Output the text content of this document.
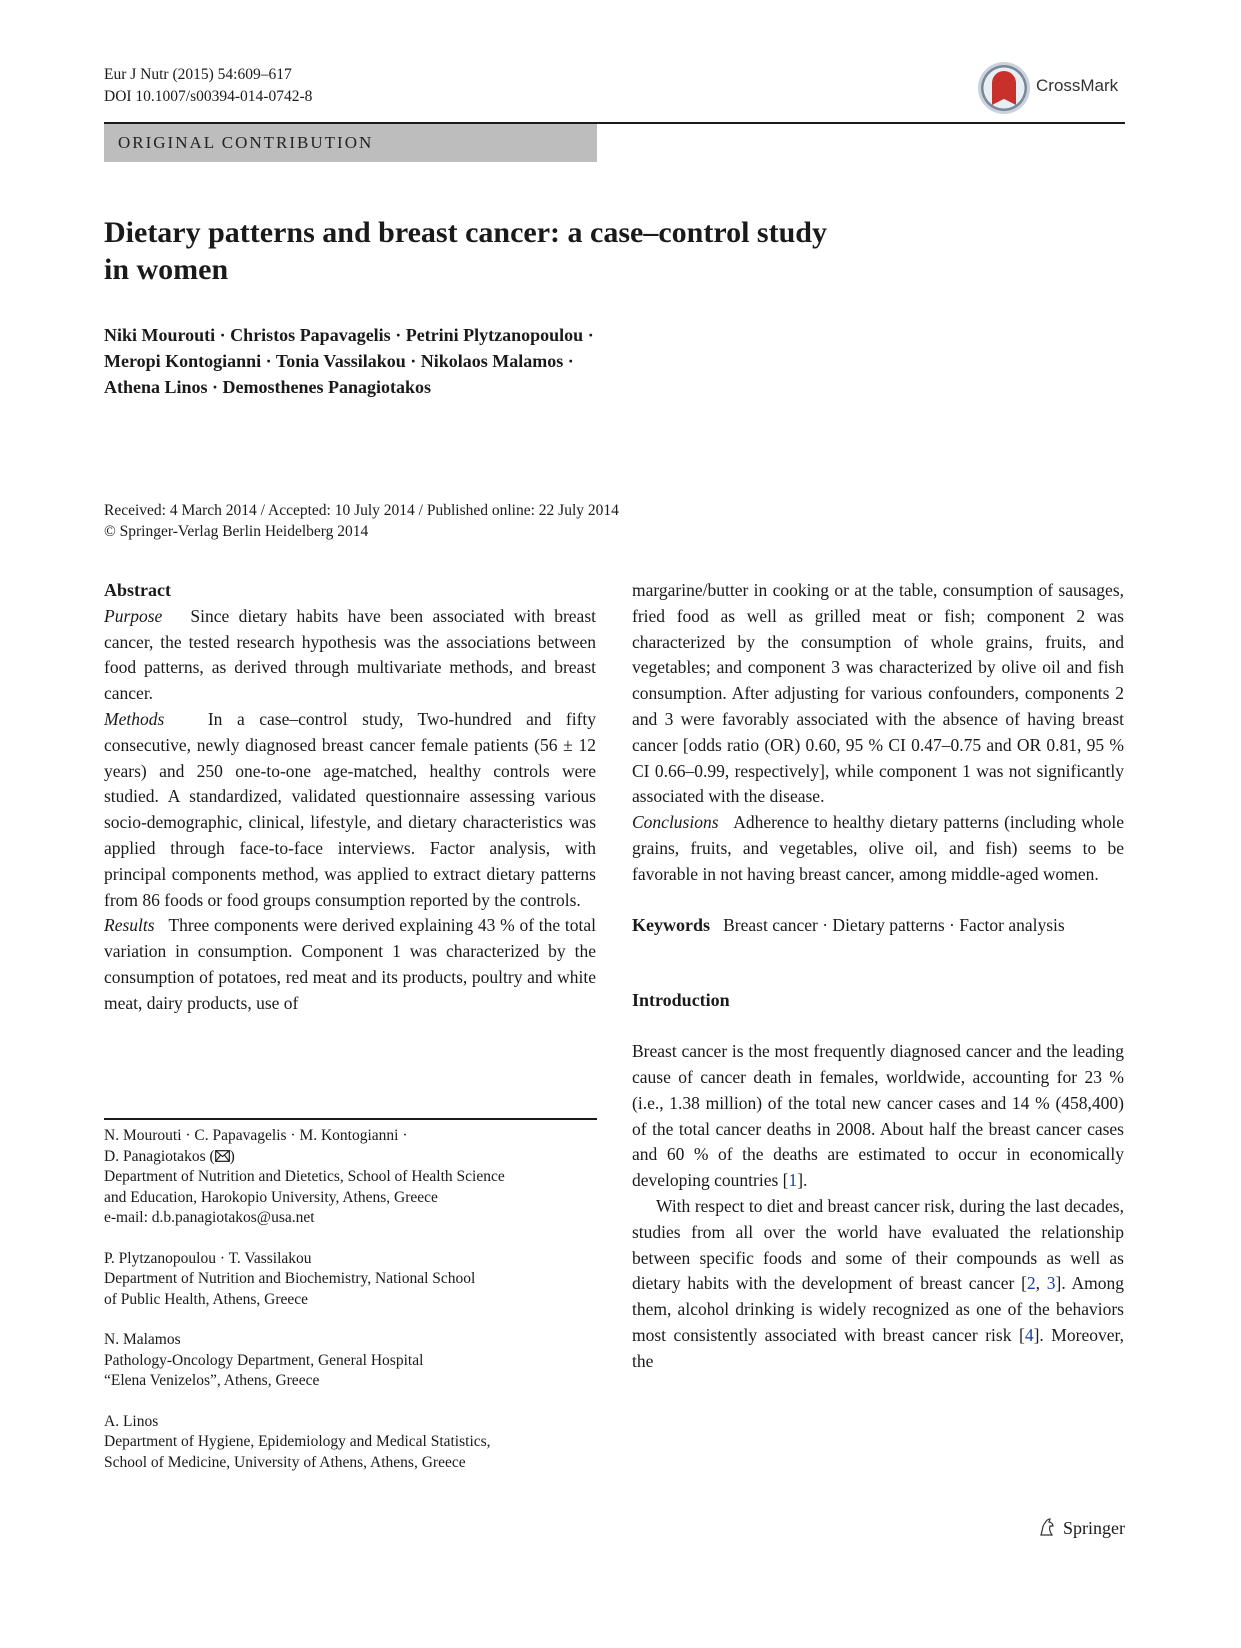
Eur J Nutr (2015) 54:609–617
DOI 10.1007/s00394-014-0742-8
CrossMark
ORIGINAL CONTRIBUTION
Dietary patterns and breast cancer: a case–control study
in women
Niki Mourouti · Christos Papavagelis · Petrini Plytzanopoulou ·
Meropi Kontogianni · Tonia Vassilakou · Nikolaos Malamos ·
Athena Linos · Demosthenes Panagiotakos
Received: 4 March 2014 / Accepted: 10 July 2014 / Published online: 22 July 2014
© Springer-Verlag Berlin Heidelberg 2014
Abstract

Purpose Since dietary habits have been associated with breast cancer, the tested research hypothesis was the associations between food patterns, as derived through multivariate methods, and breast cancer.

Methods In a case–control study, Two-hundred and fifty consecutive, newly diagnosed breast cancer female patients (56 ± 12 years) and 250 one-to-one age-matched, healthy controls were studied. A standardized, validated questionnaire assessing various socio-demographic, clinical, lifestyle, and dietary characteristics was applied through face-to-face interviews. Factor analysis, with principal components method, was applied to extract dietary patterns from 86 foods or food groups consumption reported by the controls.

Results Three components were derived explaining 43 % of the total variation in consumption. Component 1 was characterized by the consumption of potatoes, red meat and its products, poultry and white meat, dairy products, use of

N. Mourouti · C. Papavagelis · M. Kontogianni ·
D. Panagiotakos ( )
Department of Nutrition and Dietetics, School of Health Science
and Education, Harokopio University, Athens, Greece
e-mail: d.b.panagiotakos@usa.net
P. Plytzanopoulou · T. Vassilakou
Department of Nutrition and Biochemistry, National School
of Public Health, Athens, Greece
N. Malamos
Pathology-Oncology Department, General Hospital
“Elena Venizelos”, Athens, Greece
A. Linos
Department of Hygiene, Epidemiology and Medical Statistics,
School of Medicine, University of Athens, Athens, Greece

margarine/butter in cooking or at the table, consumption of sausages, fried food as well as grilled meat or fish; component 2 was characterized by the consumption of whole grains, fruits, and vegetables; and component 3 was characterized by olive oil and fish consumption. After adjusting for various confounders, components 2 and 3 were favorably associated with the absence of having breast cancer [odds ratio (OR) 0.60, 95 % CI 0.47–0.75 and OR 0.81, 95 % CI 0.66–0.99, respectively], while component 1 was not significantly associated with the disease.

Conclusions Adherence to healthy dietary patterns (including whole grains, fruits, and vegetables, olive oil, and fish) seems to be favorable in not having breast cancer, among middle-aged women.

Keywords Breast cancer · Dietary patterns · Factor analysis

Introduction

Breast cancer is the most frequently diagnosed cancer and the leading cause of cancer death in females, worldwide, accounting for 23 % (i.e., 1.38 million) of the total new cancer cases and 14 % (458,400) of the total cancer deaths in 2008. About half the breast cancer cases and 60 % of the deaths are estimated to occur in economically developing countries [1].

With respect to diet and breast cancer risk, during the last decades, studies from all over the world have evaluated the relationship between specific foods and some of their compounds as well as dietary habits with the development of breast cancer [2, 3]. Among them, alcohol drinking is widely recognized as one of the behaviors most consistently associated with breast cancer risk [4]. Moreover, the

Springer
